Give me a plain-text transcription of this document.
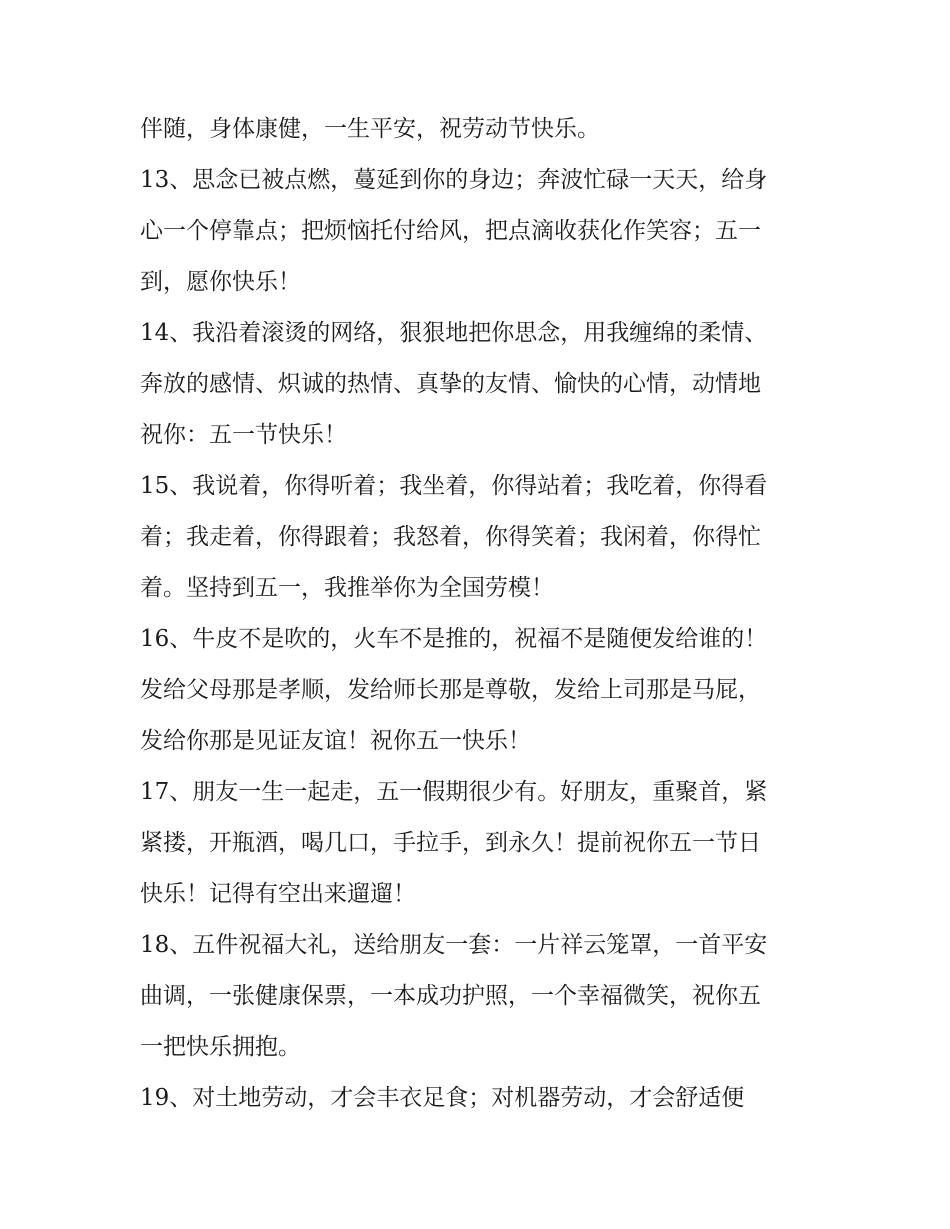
伴随，身体康健，一生平安，祝劳动节快乐。
13、思念已被点燃，蔓延到你的身边；奔波忙碌一天天，给身
心一个停靠点；把烦恼托付给风，把点滴收获化作笑容；五一
到，愿你快乐！
14、我沿着滚烫的网络，狠狠地把你思念，用我缠绵的柔情、
奔放的感情、炽诚的热情、真挚的友情、愉快的心情，动情地
祝你：五一节快乐！
15、我说着，你得听着；我坐着，你得站着；我吃着，你得看
着；我走着，你得跟着；我怒着，你得笑着；我闲着，你得忙
着。坚持到五一，我推举你为全国劳模！
16、牛皮不是吹的，火车不是推的，祝福不是随便发给谁的！
发给父母那是孝顺，发给师长那是尊敬，发给上司那是马屁，
发给你那是见证友谊！祝你五一快乐！
17、朋友一生一起走，五一假期很少有。好朋友，重聚首，紧
紧搂，开瓶酒，喝几口，手拉手，到永久！提前祝你五一节日
快乐！记得有空出来遛遛！
18、五件祝福大礼，送给朋友一套：一片祥云笼罩，一首平安
曲调，一张健康保票，一本成功护照，一个幸福微笑，祝你五
一把快乐拥抱。
19、对土地劳动，才会丰衣足食；对机器劳动，才会舒适便
